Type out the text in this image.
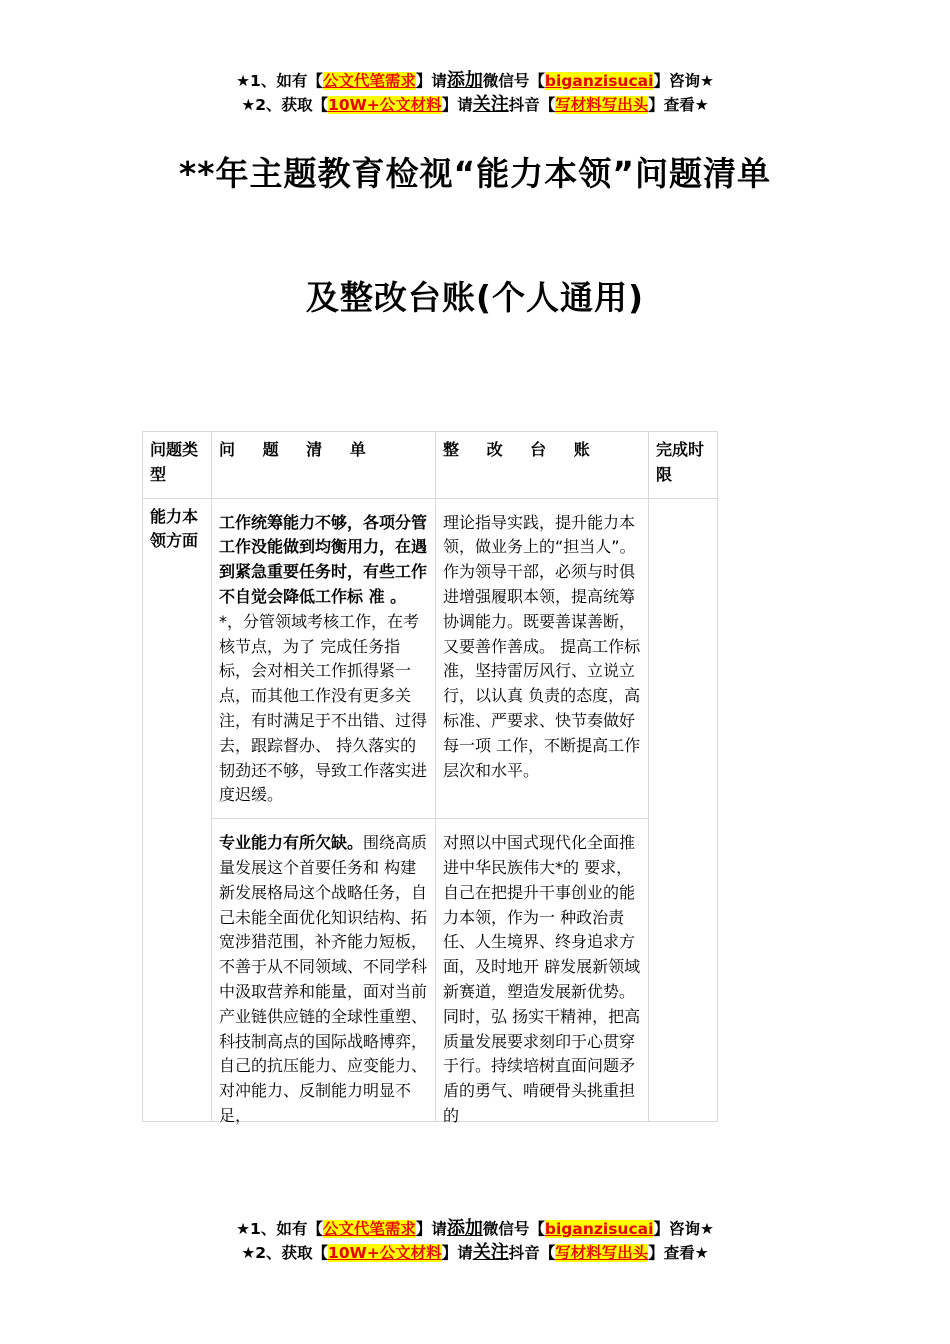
★1、如有【公文代笔需求】请添加微信号【biganzisucai】咨询★
★2、获取【10W+公文材料】请关注抖音【写材料写出头】查看★
**年主题教育检视“能力本领”问题清单
及整改台账(个人通用)
问题类型	问 题 清 单	整 改 台 账	完成时限
能力本领方面	工作统筹能力不够，各项分管工作没能做到均衡用力，在遇到紧急重要任务时，有些工作不自觉会降低工作标 准 。*，分管领域考核工作，在考核节点，为了 完成任务指标，会对相关工作抓得紧一点，而其他工作没有更多关注，有时满足于不出错、过得去，跟踪督办、 持久落实的韧劲还不够，导致工作落实进度迟缓。	理论指导实践，提升能力本领，做业务上的“担当人”。作为领导干部，必须与时俱进增强履职本领，提高统筹协调能力。既要善谋善断，又要善作善成。 提高工作标准，坚持雷厉风行、立说立行，以认真 负责的态度，高标准、严要求、快节奏做好每一项 工作，不断提高工作层次和水平。	

	专业能力有所欠缺。围绕高质量发展这个首要任务和 构建新发展格局这个战略任务，自己未能全面优化知识结构、拓宽涉猎范围，补齐能力短板，不善于从不同领域、不同学科中汲取营养和能量，面对当前产业链供应链的全球性重塑、科技制高点的国际战略博弈，自己的抗压能力、应变能力、对冲能力、反制能力明显不足，	对照以中国式现代化全面推进中华民族伟大*的 要求，自己在把提升干事创业的能力本领，作为一 种政治责任、人生境界、终身追求方面，及时地开 辟发展新领域新赛道，塑造发展新优势。同时，弘 扬实干精神，把高质量发展要求刻印于心贯穿于行。持续培树直面问题矛盾的勇气、啃硬骨头挑重担的	
★1、如有【公文代笔需求】请添加微信号【biganzisucai】咨询★
★2、获取【10W+公文材料】请关注抖音【写材料写出头】查看★
